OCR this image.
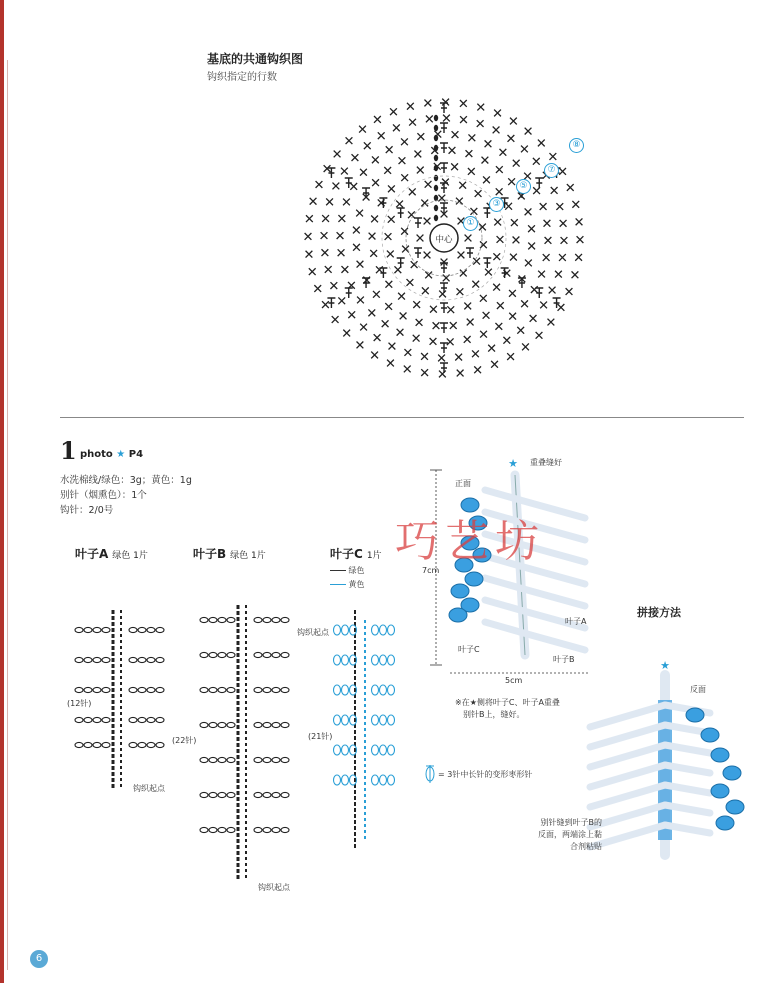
基底的共通钩织图
钩织指定的行数
中心
①
③
⑤
⑦
⑧
1 photo ★ P4
水洗棉线/绿色：3g；黄色：1g
别针（烟熏色）：1个
钩针：2/0号
叶子A 绿色 1片	叶子B 绿色 1片	叶子C 1片
绿色
黄色
(12针)
(22针)	(21针)
钩织起点
钩织起点
钩织起点
★ 重叠缝好
正面
7cm
5cm
叶子A
叶子B
叶子C
※在★侧将叶子C、叶子A重叠
别针B上，缝好。
巧艺坊
= 3针中长针的变形枣形针
拼接方法
反面
★
别针缝到叶子B的
反面，两端涂上黏
合剂粘贴
6
